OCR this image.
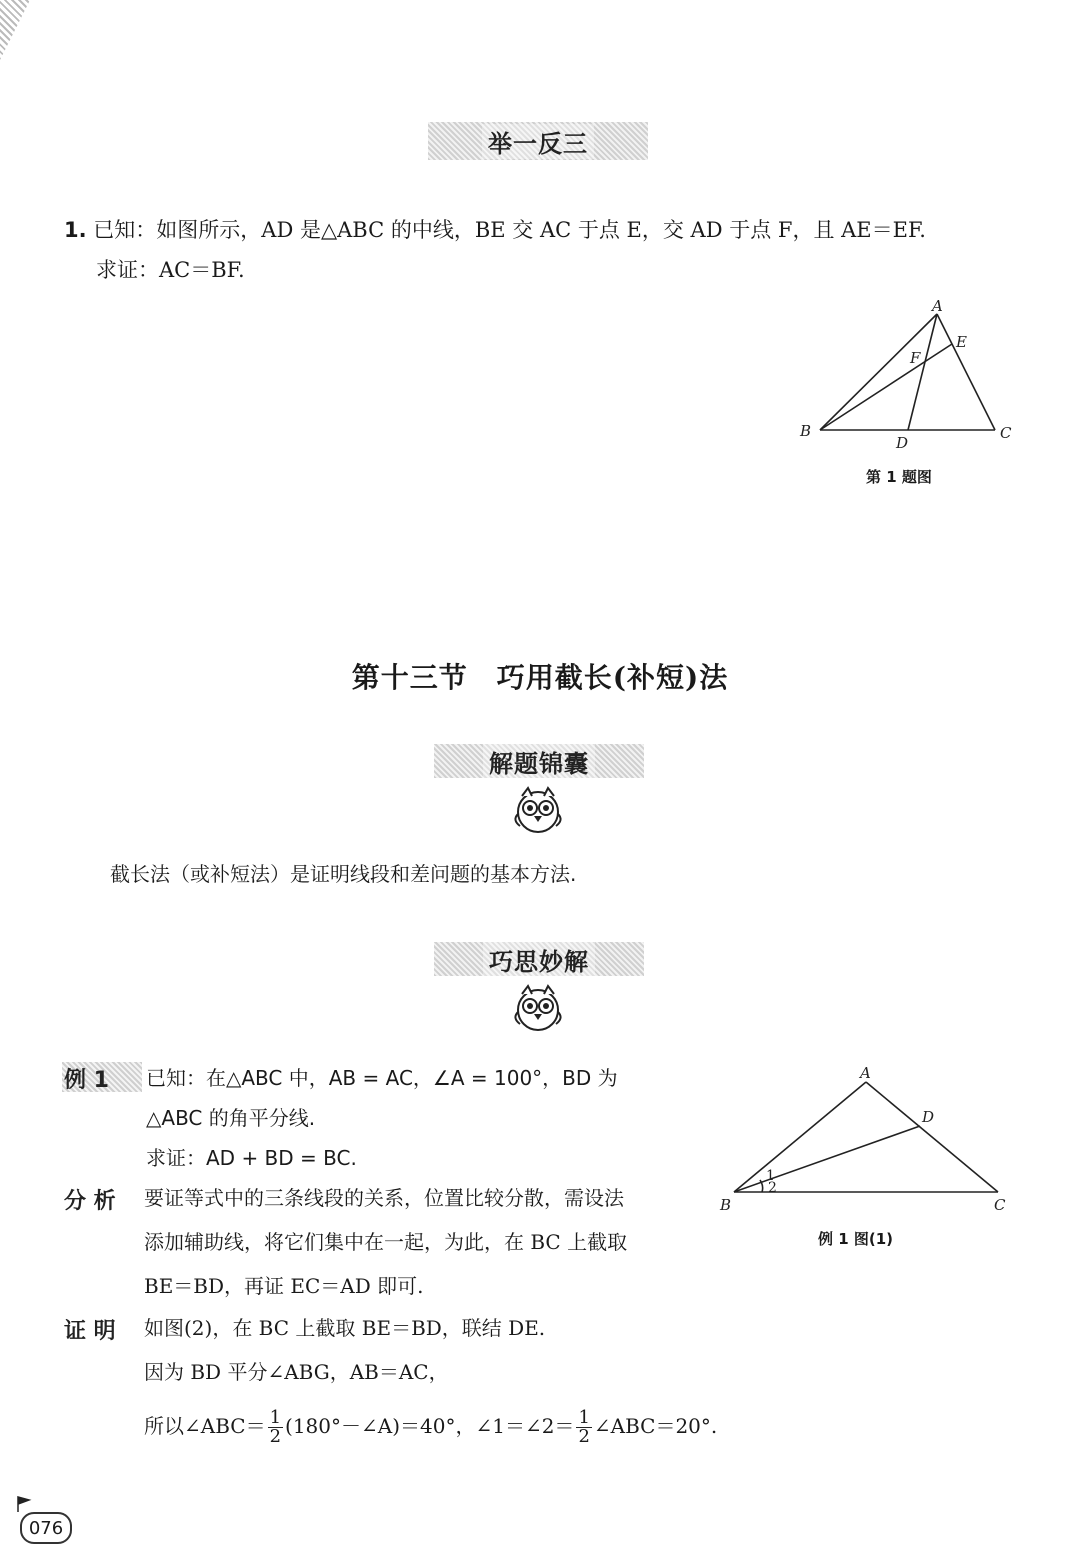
举一反三
1. 已知：如图所示，AD 是△ABC 的中线，BE 交 AC 于点 E，交 AD 于点 F，且 AE＝EF.
求证：AC＝BF.
A
B	C
D
E
F
第 1 题图
第十三节　巧用截长(补短)法
解题锦囊
截长法（或补短法）是证明线段和差问题的基本方法.
巧思妙解
例 1 已知：在△ABC 中，AB = AC，∠A = 100°，BD 为
△ABC 的角平分线.
求证：AD + BD = BC.
A
B	C
D
1
2
例 1 图(1)
分 析 要证等式中的三条线段的关系，位置比较分散，需设法
添加辅助线，将它们集中在一起，为此，在 BC 上截取
BE＝BD，再证 EC＝AD 即可.
证 明 如图(2)，在 BC 上截取 BE＝BD，联结 DE.
因为 BD 平分∠ABG，AB＝AC，
所以∠ABC＝ $\frac{1}{2}$ (180°－∠A)＝40°，∠1＝∠2＝ $\frac{1}{2}$ ∠ABC＝20°.
076
